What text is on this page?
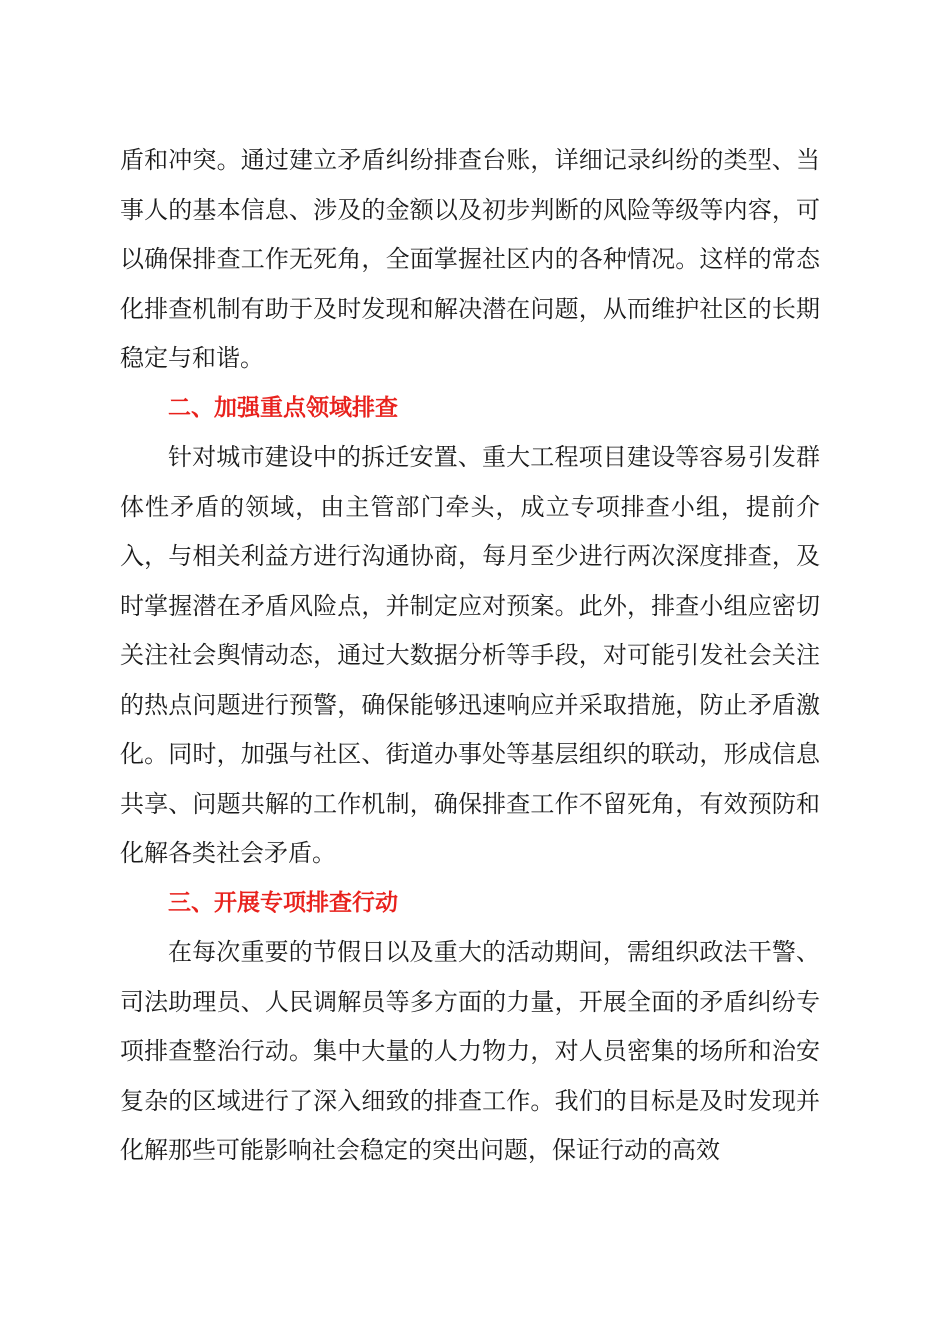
盾和冲突。通过建立矛盾纠纷排查台账，详细记录纠纷的类型、当事人的基本信息、涉及的金额以及初步判断的风险等级等内容，可以确保排查工作无死角，全面掌握社区内的各种情况。这样的常态化排查机制有助于及时发现和解决潜在问题，从而维护社区的长期稳定与和谐。

二、加强重点领域排查

针对城市建设中的拆迁安置、重大工程项目建设等容易引发群体性矛盾的领域，由主管部门牵头，成立专项排查小组，提前介入，与相关利益方进行沟通协商，每月至少进行两次深度排查，及时掌握潜在矛盾风险点，并制定应对预案。此外，排查小组应密切关注社会舆情动态，通过大数据分析等手段，对可能引发社会关注的热点问题进行预警，确保能够迅速响应并采取措施，防止矛盾激化。同时，加强与社区、街道办事处等基层组织的联动，形成信息共享、问题共解的工作机制，确保排查工作不留死角，有效预防和化解各类社会矛盾。

三、开展专项排查行动

在每次重要的节假日以及重大的活动期间，需组织政法干警、司法助理员、人民调解员等多方面的力量，开展全面的矛盾纠纷专项排查整治行动。集中大量的人力物力，对人员密集的场所和治安复杂的区域进行了深入细致的排查工作。我们的目标是及时发现并化解那些可能影响社会稳定的突出问题，保证行动的高效
